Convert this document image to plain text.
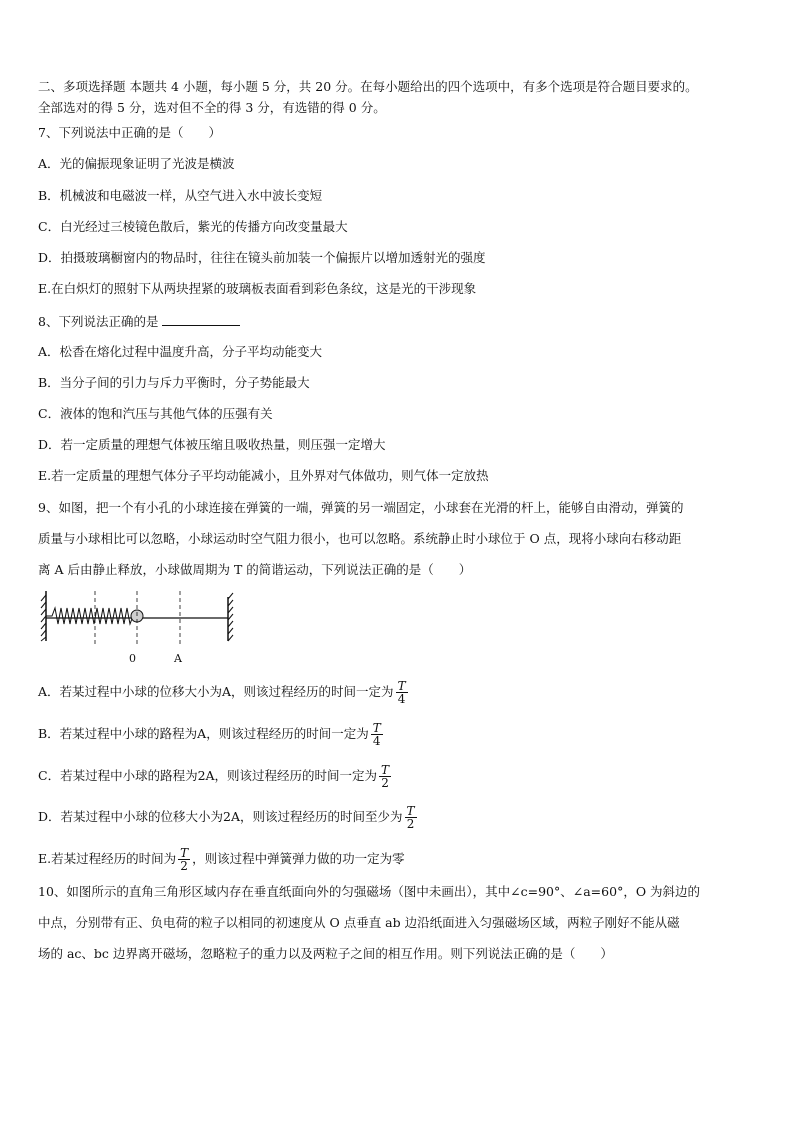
二、多项选择题 本题共 4 小题，每小题 5 分，共 20 分。在每小题给出的四个选项中，有多个选项是符合题目要求的。
全部选对的得 5 分，选对但不全的得 3 分，有选错的得 0 分。
7、下列说法中正确的是（　　）
A．光的偏振现象证明了光波是横波
B．机械波和电磁波一样，从空气进入水中波长变短
C．白光经过三棱镜色散后，紫光的传播方向改变量最大
D．拍摄玻璃橱窗内的物品时，往往在镜头前加装一个偏振片以增加透射光的强度
E.在白炽灯的照射下从两块捏紧的玻璃板表面看到彩色条纹，这是光的干涉现象
8、下列说法正确的是
A．松香在熔化过程中温度升高，分子平均动能变大
B．当分子间的引力与斥力平衡时，分子势能最大
C．液体的饱和汽压与其他气体的压强有关
D．若一定质量的理想气体被压缩且吸收热量，则压强一定增大
E.若一定质量的理想气体分子平均动能减小，且外界对气体做功，则气体一定放热
9、如图，把一个有小孔的小球连接在弹簧的一端，弹簧的另一端固定，小球套在光滑的杆上，能够自由滑动，弹簧的
质量与小球相比可以忽略，小球运动时空气阻力很小，也可以忽略。系统静止时小球位于 O 点，现将小球向右移动距
离 A 后由静止释放，小球做周期为 T 的简谐运动，下列说法正确的是（　　）
0	A
A．若某过程中小球的位移大小为A，则该过程经历的时间一定为 $\frac{T}{4}$
B．若某过程中小球的路程为A，则该过程经历的时间一定为 $\frac{T}{4}$
C．若某过程中小球的路程为2A，则该过程经历的时间一定为 $\frac{T}{2}$
D．若某过程中小球的位移大小为2A，则该过程经历的时间至少为 $\frac{T}{2}$
E.若某过程经历的时间为 $\frac{T}{2}$ ，则该过程中弹簧弹力做的功一定为零
10、如图所示的直角三角形区域内存在垂直纸面向外的匀强磁场（图中未画出），其中∠c=90°、∠a=60°，O 为斜边的
中点，分别带有正、负电荷的粒子以相同的初速度从 O 点垂直 ab 边沿纸面进入匀强磁场区域，两粒子刚好不能从磁
场的 ac、bc 边界离开磁场，忽略粒子的重力以及两粒子之间的相互作用。则下列说法正确的是（　　）
